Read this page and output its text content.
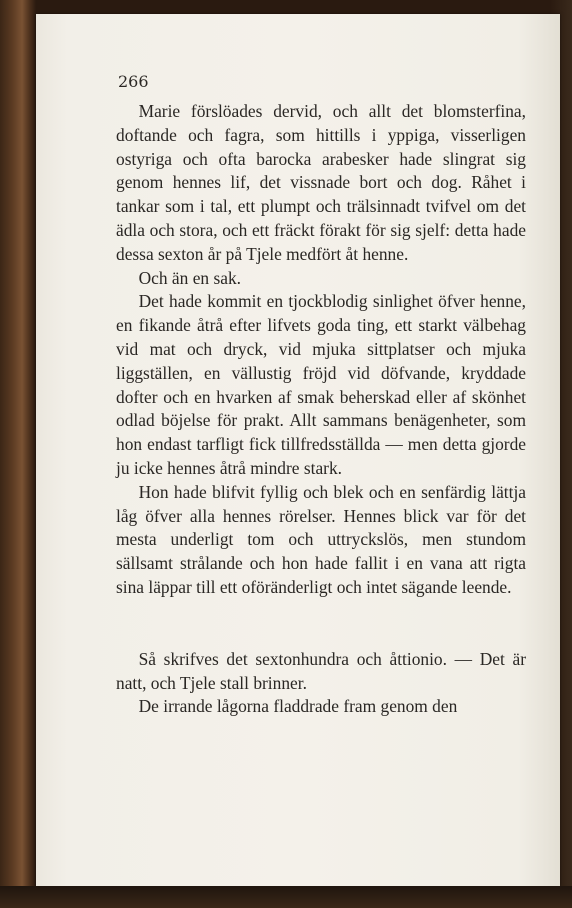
266

Marie förslöades dervid, och allt det blomsterfina, doftande och fagra, som hittills i yppiga, visserligen ostyriga och ofta barocka arabesker hade slingrat sig genom hennes lif, det vissnade bort och dog. Råhet i tankar som i tal, ett plumpt och trälsinnadt tvifvel om det ädla och stora, och ett fräckt förakt för sig sjelf: detta hade dessa sexton år på Tjele medfört åt henne.

Och än en sak.

Det hade kommit en tjockblodig sinlighet öfver henne, en fikande åtrå efter lifvets goda ting, ett starkt välbehag vid mat och dryck, vid mjuka sittplatser och mjuka liggställen, en vällustig fröjd vid döfvande, kryddade dofter och en hvarken af smak beherskad eller af skönhet odlad böjelse för prakt. Allt sammans benägenheter, som hon endast tarfligt fick tillfredsställda — men detta gjorde ju icke hennes åtrå mindre stark.

Hon hade blifvit fyllig och blek och en senfärdig lättja låg öfver alla hennes rörelser. Hennes blick var för det mesta underligt tom och uttryckslös, men stundom sällsamt strålande och hon hade fallit i en vana att rigta sina läppar till ett oföränderligt och intet sägande leende.

Så skrifves det sextonhundra och åttionio. — Det är natt, och Tjele stall brinner.

De irrande lågorna fladdrade fram genom den
